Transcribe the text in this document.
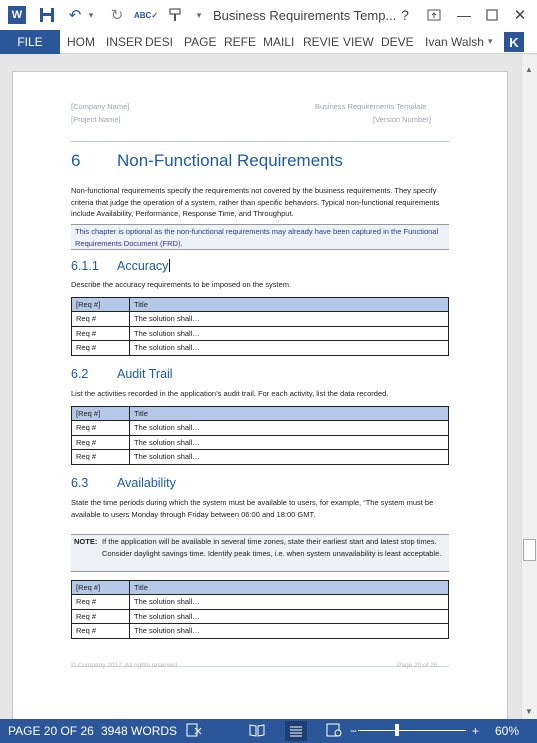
W	↶ ▾ ↻	ABC✓	▾ Business Requirements Temp... ?	—	✕
FILE	HOM INSER DESI PAGE REFE MAILI REVIE VIEW DEVE Ivan Walsh ▾	K
[Company Name]	Business Requirements Template
[Project Name]	[Version Number]
6 Non-Functional Requirements
Non-functional requirements specify the requirements not covered by the business requirements. They specify criteria that judge the operation of a system, rather than specific behaviors. Typical non-functional requirements include Availability, Performance, Response Time, and Throughput.
This chapter is optional as the non-functional requirements may already have been captured in the Functional Requirements Document (FRD).
6.1.1 Accuracy
Describe the accuracy requirements to be imposed on the system.
[Req #]	Title
Req #	The solution shall…
Req #	The solution shall…
Req #	The solution shall…
6.2 Audit Trail
List the activities recorded in the application’s audit trail. For each activity, list the data recorded.
[Req #]	Title
Req #	The solution shall…
Req #	The solution shall…
Req #	The solution shall…
6.3 Availability
State the time periods during which the system must be available to users, for example, “The system must be available to users Monday through Friday between 06:00 and 18:00 GMT.
NOTE: If the application will be available in several time zones, state their earliest start and latest stop times. Consider daylight savings time. Identify peak times, i.e. when system unavailability is least acceptable.
[Req #]	Title
Req #	The solution shall…
Req #	The solution shall…
Req #	The solution shall…
© Company 2017. All rights reserved	Page 20 of 26
▲
▼
PAGE 20 OF 26 3948 WORDS	−	+ 60%
